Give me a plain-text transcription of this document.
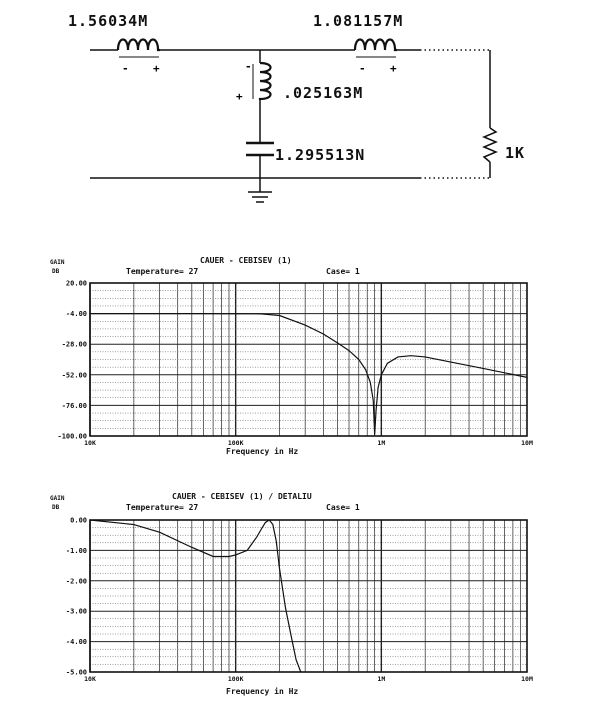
- +	- +
-
+
1.56034M	1.081157M
.025163M
1.295513N	1K
CAUER - CEBISEV (1)
Temperature= 27	Case= 1
GAIN
DB
20.00
-4.00
-28.00
-52.00
-76.00
-100.00
10K	100K	1M	10M
Frequency in Hz
CAUER - CEBISEV (1) / DETALIU
Temperature= 27	Case= 1
GAIN
DB
0.00
-1.00
-2.00
-3.00
-4.00
-5.00
10K	100K	1M	10M
Frequency in Hz
